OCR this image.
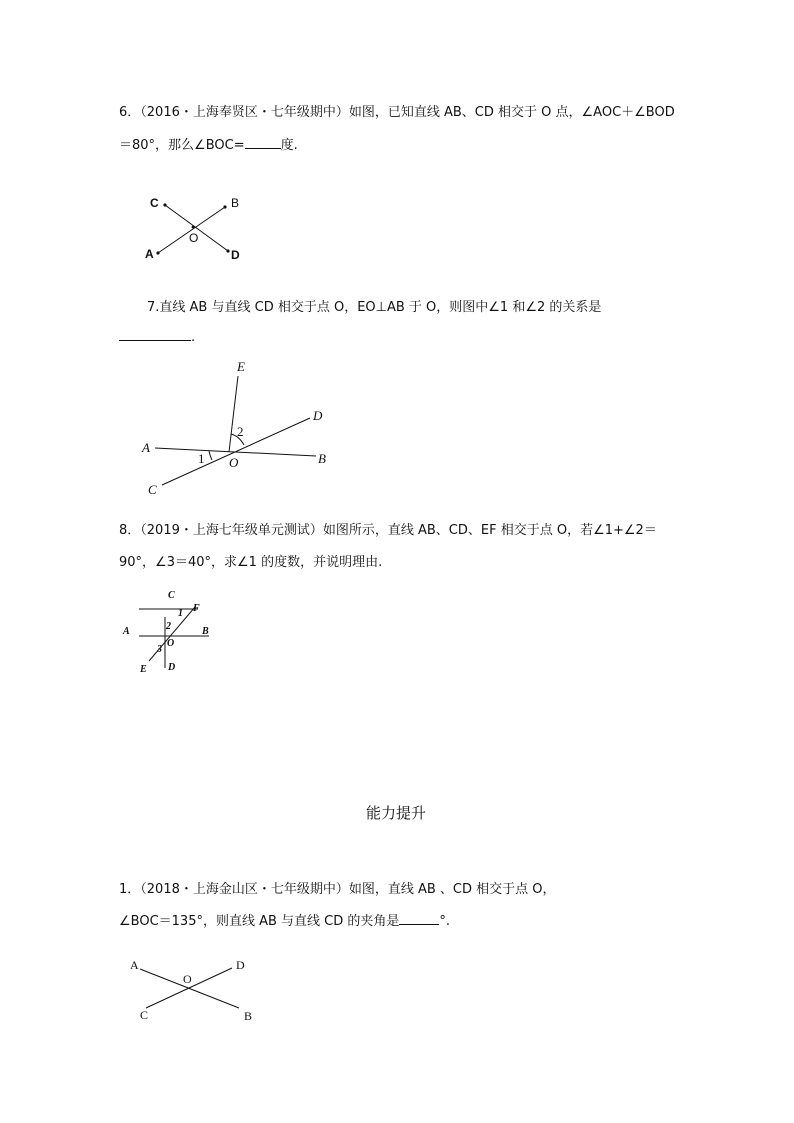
6．（2016・上海奉贤区・七年级期中）如图，已知直线 AB、CD 相交于 O 点，∠AOC＋∠BOD
＝80°，那么∠BOC=	度.
C	B
O
A	D
7.直线 AB 与直线 CD 相交于点 O，EO⊥AB 于 O，则图中∠1 和∠2 的关系是
.
E
D
A
2
1 O	B
C
8．（2019・上海七年级单元测试）如图所示，直线 AB、CD、EF 相交于点 O，若∠1+∠2＝
90°，∠3＝40°，求∠1 的度数，并说明理由.
C
F
1
2
A	B
O
3
E D
能力提升
1．（2018・上海金山区・七年级期中）如图，直线 AB 、CD 相交于点 O，
∠BOC＝135°，则直线 AB 与直线 CD 的夹角是	°.
A	D
O
C	B
